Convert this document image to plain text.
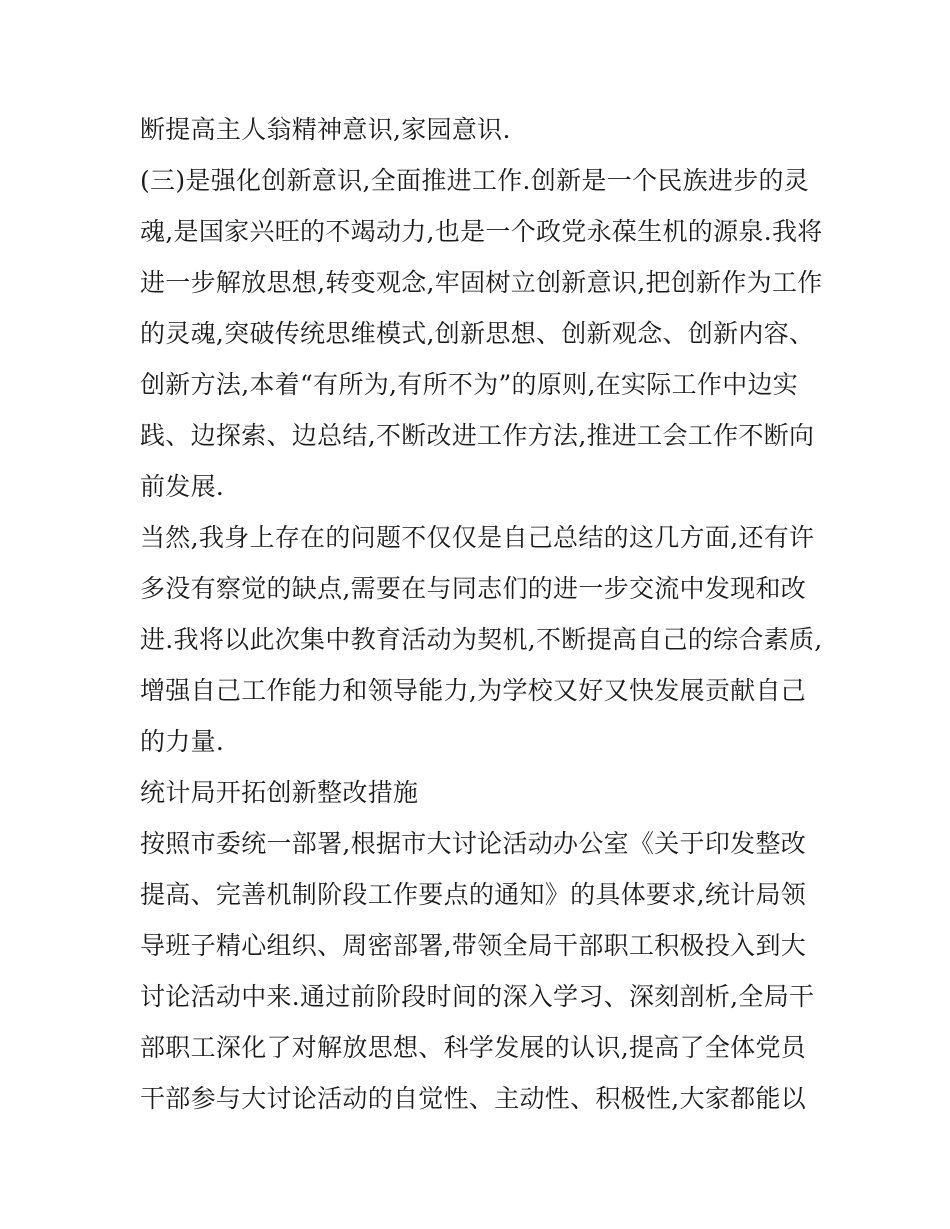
断提高主人翁精神意识,家园意识.
(三)是强化创新意识,全面推进工作.创新是一个民族进步的灵
魂,是国家兴旺的不竭动力,也是一个政党永葆生机的源泉.我将
进一步解放思想,转变观念,牢固树立创新意识,把创新作为工作
的灵魂,突破传统思维模式,创新思想、创新观念、创新内容、
创新方法,本着“有所为,有所不为”的原则,在实际工作中边实
践、边探索、边总结,不断改进工作方法,推进工会工作不断向
前发展.
当然,我身上存在的问题不仅仅是自己总结的这几方面,还有许
多没有察觉的缺点,需要在与同志们的进一步交流中发现和改
进.我将以此次集中教育活动为契机,不断提高自己的综合素质,
增强自己工作能力和领导能力,为学校又好又快发展贡献自己
的力量.
统计局开拓创新整改措施
按照市委统一部署,根据市大讨论活动办公室《关于印发整改
提高、完善机制阶段工作要点的通知》的具体要求,统计局领
导班子精心组织、周密部署,带领全局干部职工积极投入到大
讨论活动中来.通过前阶段时间的深入学习、深刻剖析,全局干
部职工深化了对解放思想、科学发展的认识,提高了全体党员
干部参与大讨论活动的自觉性、主动性、积极性,大家都能以
